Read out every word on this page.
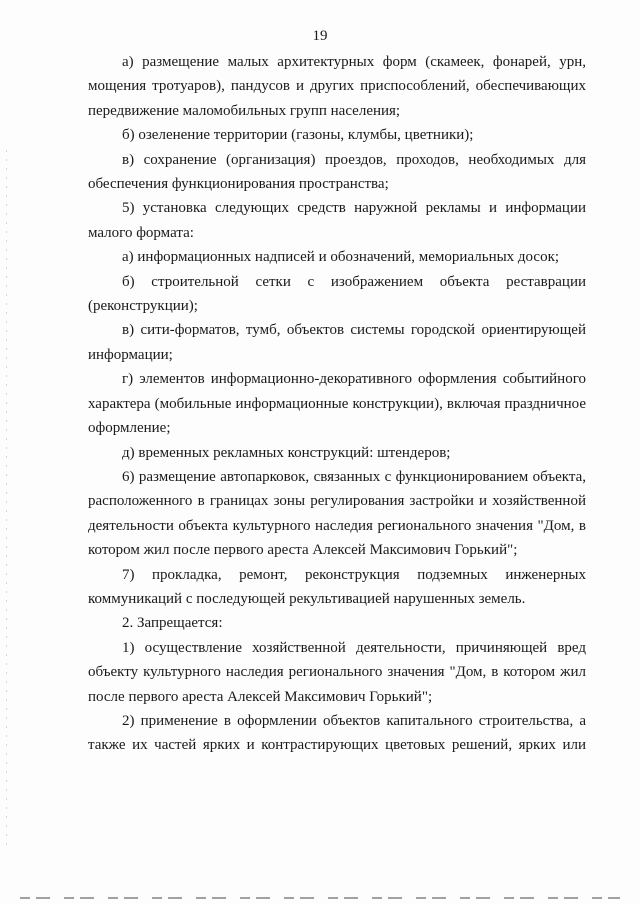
19

а) размещение малых архитектурных форм (скамеек, фонарей, урн, мощения тротуаров), пандусов и других приспособлений, обеспечивающих передвижение маломобильных групп населения;

б) озеленение территории (газоны, клумбы, цветники);

в) сохранение (организация) проездов, проходов, необходимых для обеспечения функционирования пространства;

5) установка следующих средств наружной рекламы и информации малого формата:

а) информационных надписей и обозначений, мемориальных досок;

б) строительной сетки с изображением объекта реставрации (реконструкции);

в) сити-форматов, тумб, объектов системы городской ориентирующей информации;

г) элементов информационно-декоративного оформления событийного характера (мобильные информационные конструкции), включая праздничное оформление;

д) временных рекламных конструкций: штендеров;

6) размещение автопарковок, связанных с функционированием объекта, расположенного в границах зоны регулирования застройки и хозяйственной деятельности объекта культурного наследия регионального значения "Дом, в котором жил после первого ареста Алексей Максимович Горький";

7) прокладка, ремонт, реконструкция подземных инженерных коммуникаций с последующей рекультивацией нарушенных земель.

2. Запрещается:

1) осуществление хозяйственной деятельности, причиняющей вред объекту культурного наследия регионального значения "Дом, в котором жил после первого ареста Алексей Максимович Горький";

2) применение в оформлении объектов капитального строительства, а также их частей ярких и контрастирующих цветовых решений, ярких или
